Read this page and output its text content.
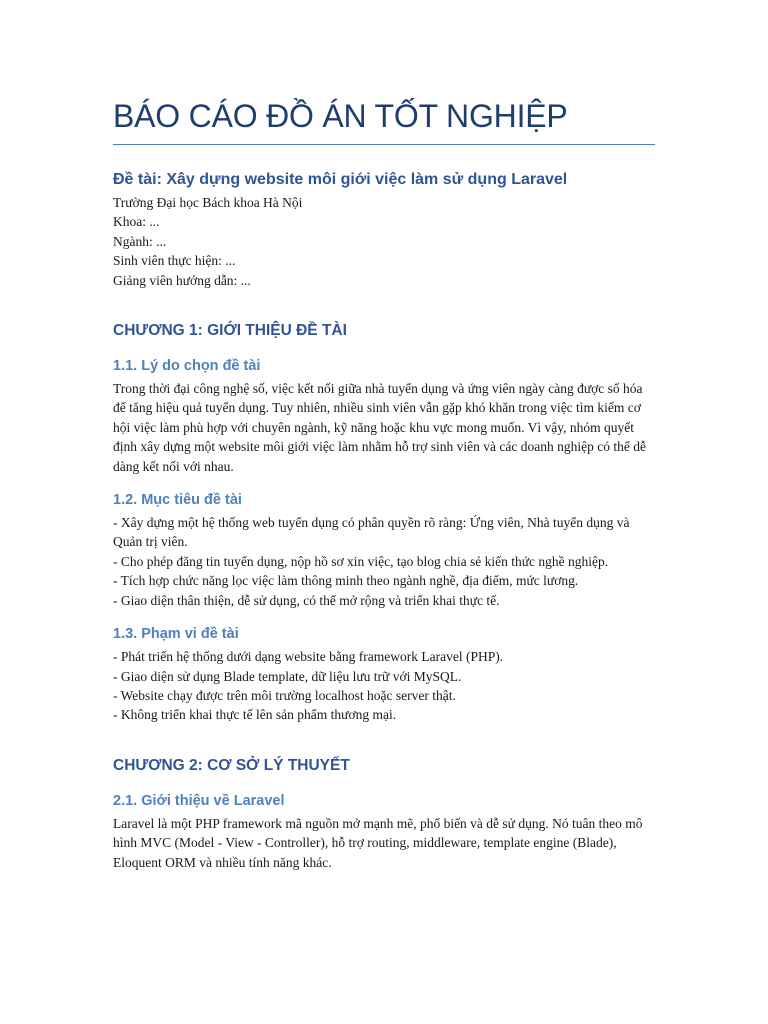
BÁO CÁO ĐỒ ÁN TỐT NGHIỆP
Đề tài: Xây dựng website môi giới việc làm sử dụng Laravel

Trường Đại học Bách khoa Hà Nội

Khoa: ...

Ngành: ...

Sinh viên thực hiện: ...

Giảng viên hướng dẫn: ...

CHƯƠNG 1: GIỚI THIỆU ĐỀ TÀI
1.1. Lý do chọn đề tài

Trong thời đại công nghệ số, việc kết nối giữa nhà tuyển dụng và ứng viên ngày càng được số hóa để tăng hiệu quả tuyển dụng. Tuy nhiên, nhiều sinh viên vẫn gặp khó khăn trong việc tìm kiếm cơ hội việc làm phù hợp với chuyên ngành, kỹ năng hoặc khu vực mong muốn. Vì vậy, nhóm quyết định xây dựng một website môi giới việc làm nhằm hỗ trợ sinh viên và các doanh nghiệp có thể dễ dàng kết nối với nhau.

1.2. Mục tiêu đề tài

- Xây dựng một hệ thống web tuyển dụng có phân quyền rõ ràng: Ứng viên, Nhà tuyển dụng và Quản trị viên.

- Cho phép đăng tin tuyển dụng, nộp hồ sơ xin việc, tạo blog chia sẻ kiến thức nghề nghiệp.

- Tích hợp chức năng lọc việc làm thông minh theo ngành nghề, địa điểm, mức lương.

- Giao diện thân thiện, dễ sử dụng, có thể mở rộng và triển khai thực tế.

1.3. Phạm vi đề tài

- Phát triển hệ thống dưới dạng website bằng framework Laravel (PHP).

- Giao diện sử dụng Blade template, dữ liệu lưu trữ với MySQL.

- Website chạy được trên môi trường localhost hoặc server thật.

- Không triển khai thực tế lên sản phẩm thương mại.

CHƯƠNG 2: CƠ SỞ LÝ THUYẾT
2.1. Giới thiệu về Laravel

Laravel là một PHP framework mã nguồn mở mạnh mẽ, phổ biến và dễ sử dụng. Nó tuân theo mô hình MVC (Model - View - Controller), hỗ trợ routing, middleware, template engine (Blade), Eloquent ORM và nhiều tính năng khác.
